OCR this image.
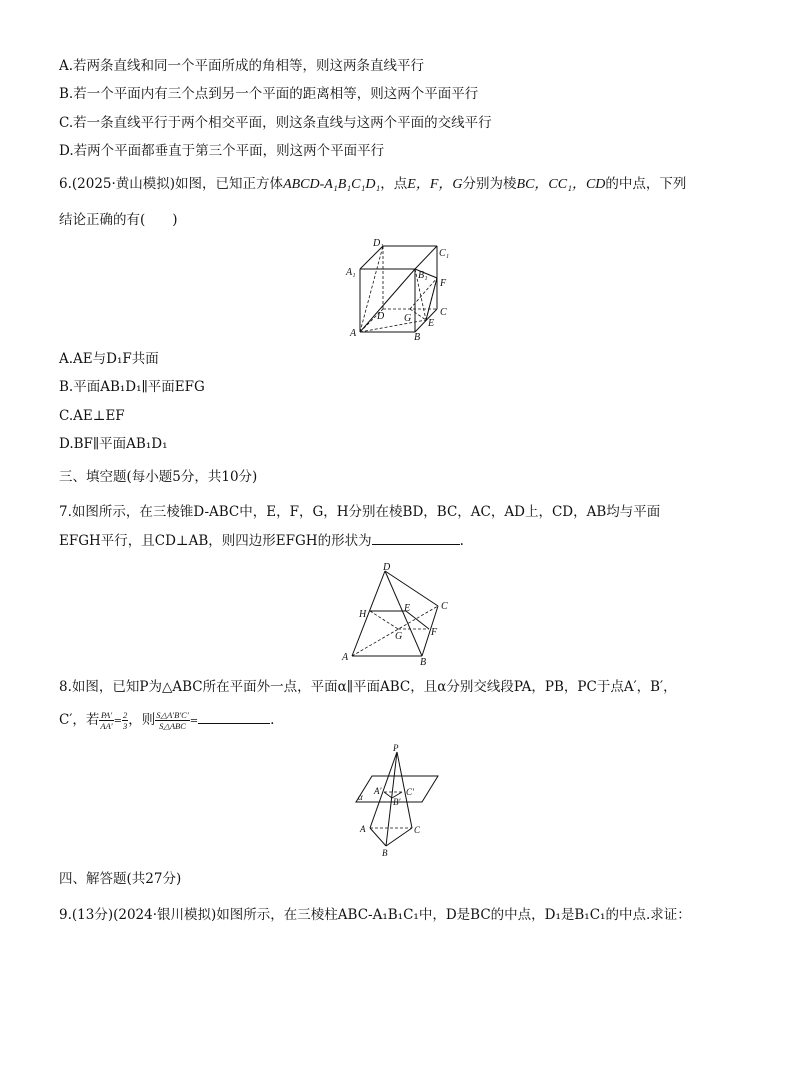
A.若两条直线和同一个平面所成的角相等，则这两条直线平行
B.若一个平面内有三个点到另一个平面的距离相等，则这两个平面平行
C.若一条直线平行于两个相交平面，则这条直线与这两个平面的交线平行
D.若两个平面都垂直于第三个平面，则这两个平面平行
6.(2025·黄山模拟)如图，已知正方体ABCD-A₁B₁C₁D₁，点E，F，G分别为棱BC，CC₁，CD的中点，下列
结论正确的有(　　)
D₁
C₁
A₁	B₁
F
D G
C
E
A	B
A.AE与D₁F共面
B.平面AB₁D₁∥平面EFG
C.AE⊥EF
D.BF∥平面AB₁D₁
三、填空题(每小题5分，共10分)
7.如图所示，在三棱锥D-ABC中，E，F，G，H分别在棱BD，BC，AC，AD上，CD，AB均与平面
EFGH平行，且CD⊥AB，则四边形EFGH的形状为	.
D
C
H
E
G	F
A	B
8.如图，已知P为△ABC所在平面外一点，平面α∥平面ABC，且α分别交线段PA，PB，PC于点A′，B′，
C′，若 $\frac{PA'}{AA'} = \frac{2}{3}$ ，则 $\frac{S\triangle A'B'C'}{\text{S△ABC}}$ =	.
P
α
A′	C′
B′
A	C
B
四、解答题(共27分)
9.(13分)(2024·银川模拟)如图所示，在三棱柱ABC-A₁B₁C₁中，D是BC的中点，D₁是B₁C₁的中点.求证：
